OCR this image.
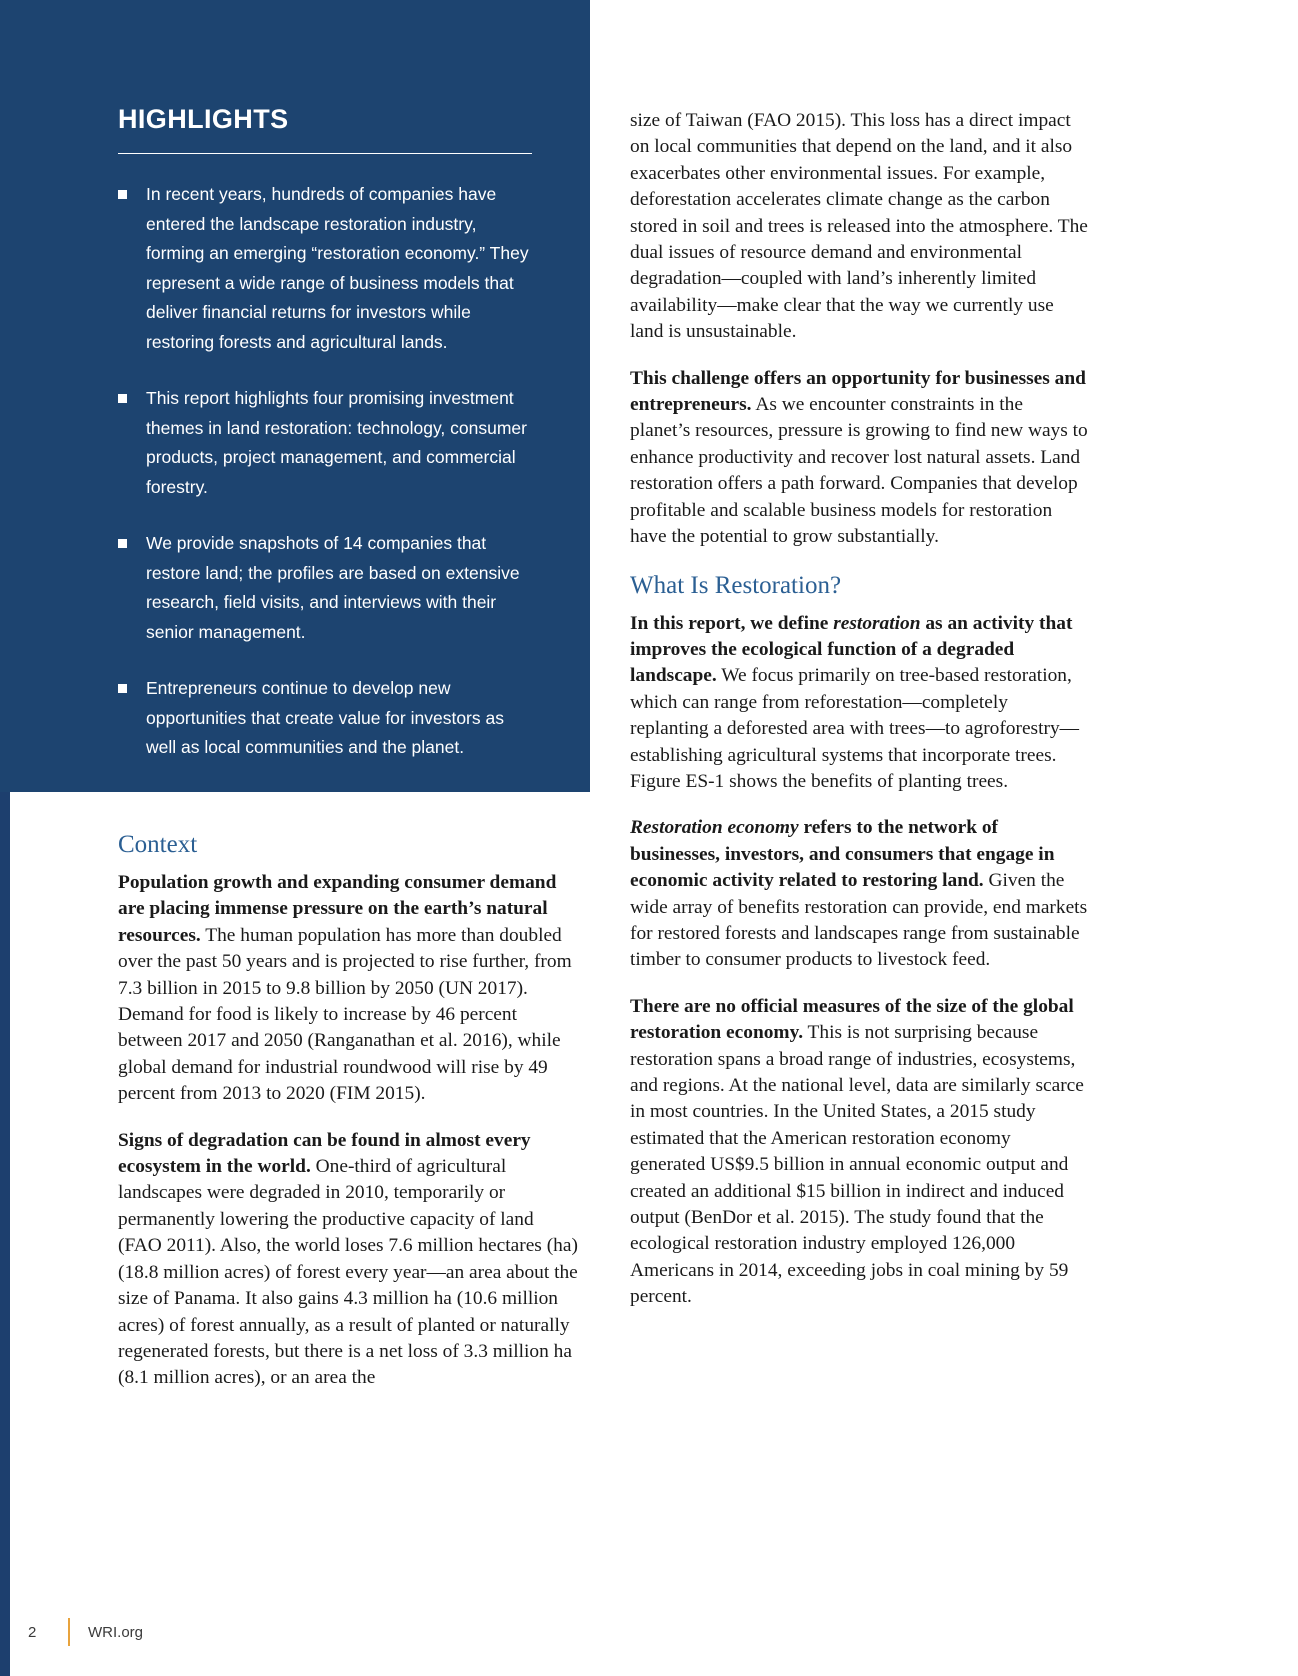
HIGHLIGHTS
In recent years, hundreds of companies have entered the landscape restoration industry, forming an emerging “restoration economy.” They represent a wide range of business models that deliver financial returns for investors while restoring forests and agricultural lands.
This report highlights four promising investment themes in land restoration: technology, consumer products, project management, and commercial forestry.
We provide snapshots of 14 companies that restore land; the profiles are based on extensive research, field visits, and interviews with their senior management.
Entrepreneurs continue to develop new opportunities that create value for investors as well as local communities and the planet.
Context

Population growth and expanding consumer demand are placing immense pressure on the earth’s natural resources. The human population has more than doubled over the past 50 years and is projected to rise further, from 7.3 billion in 2015 to 9.8 billion by 2050 (UN 2017). Demand for food is likely to increase by 46 percent between 2017 and 2050 (Ranganathan et al. 2016), while global demand for industrial roundwood will rise by 49 percent from 2013 to 2020 (FIM 2015).

Signs of degradation can be found in almost every ecosystem in the world. One-third of agricultural landscapes were degraded in 2010, temporarily or permanently lowering the productive capacity of land (FAO 2011). Also, the world loses 7.6 million hectares (ha) (18.8 million acres) of forest every year—an area about the size of Panama. It also gains 4.3 million ha (10.6 million acres) of forest annually, as a result of planted or naturally regenerated forests, but there is a net loss of 3.3 million ha (8.1 million acres), or an area the

size of Taiwan (FAO 2015). This loss has a direct impact on local communities that depend on the land, and it also exacerbates other environmental issues. For example, deforestation accelerates climate change as the carbon stored in soil and trees is released into the atmosphere. The dual issues of resource demand and environmental degradation—coupled with land’s inherently limited availability—make clear that the way we currently use land is unsustainable.

This challenge offers an opportunity for businesses and entrepreneurs. As we encounter constraints in the planet’s resources, pressure is growing to find new ways to enhance productivity and recover lost natural assets. Land restoration offers a path forward. Companies that develop profitable and scalable business models for restoration have the potential to grow substantially.

What Is Restoration?

In this report, we define restoration as an activity that improves the ecological function of a degraded landscape. We focus primarily on tree-based restoration, which can range from reforestation—completely replanting a deforested area with trees—to agroforestry—establishing agricultural systems that incorporate trees. Figure ES-1 shows the benefits of planting trees.

Restoration economy refers to the network of businesses, investors, and consumers that engage in economic activity related to restoring land. Given the wide array of benefits restoration can provide, end markets for restored forests and landscapes range from sustainable timber to consumer products to livestock feed.

There are no official measures of the size of the global restoration economy. This is not surprising because restoration spans a broad range of industries, ecosystems, and regions. At the national level, data are similarly scarce in most countries. In the United States, a 2015 study estimated that the American restoration economy generated US$9.5 billion in annual economic output and created an additional $15 billion in indirect and induced output (BenDor et al. 2015). The study found that the ecological restoration industry employed 126,000 Americans in 2014, exceeding jobs in coal mining by 59 percent.

2	WRI.org
